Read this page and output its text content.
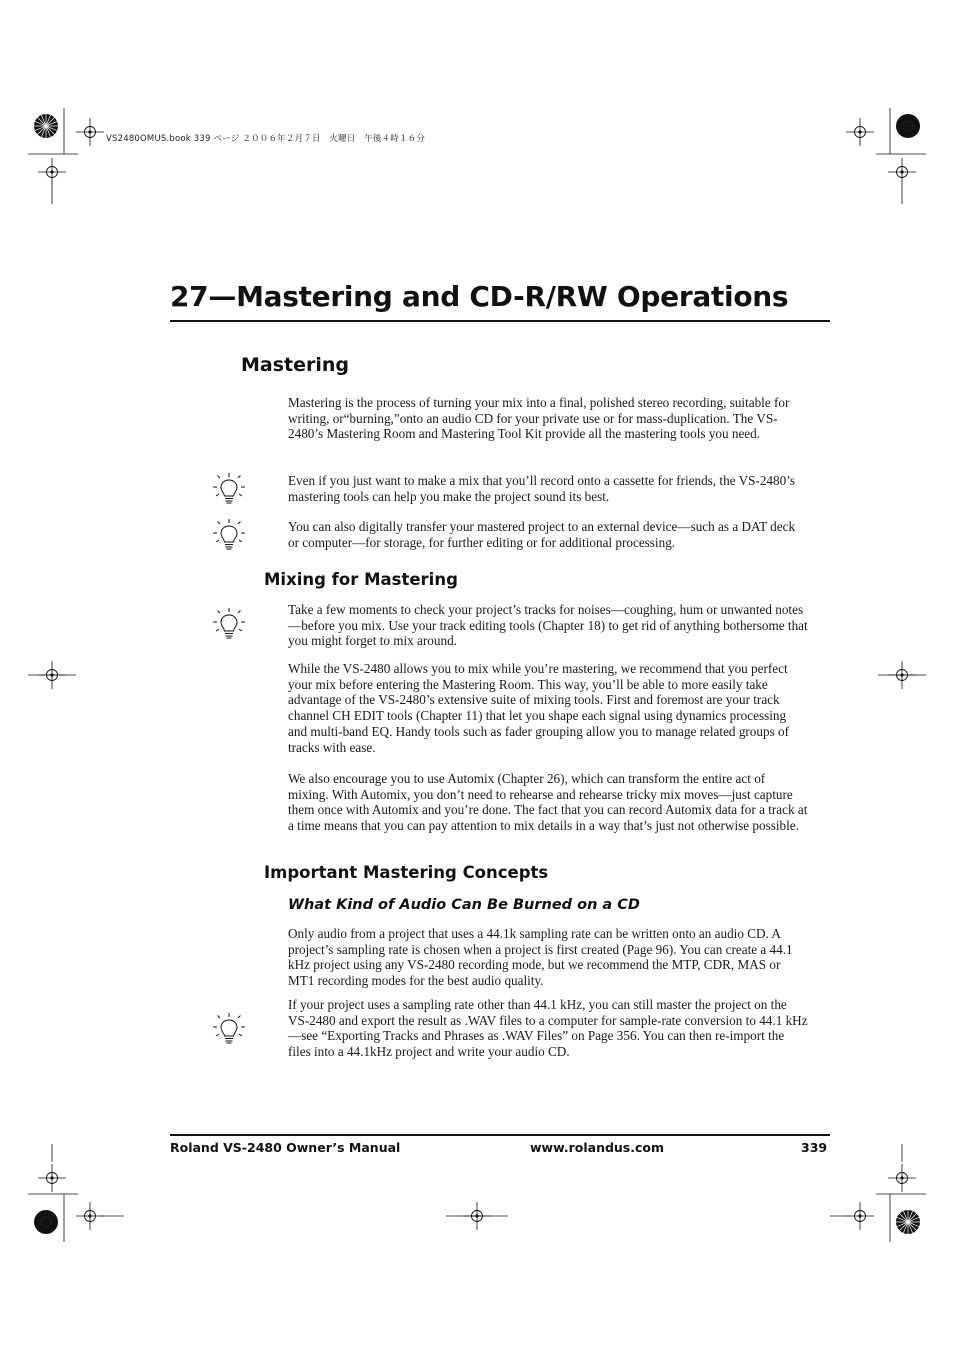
VS2480OMUS.book 339 ページ ２００６年２月７日　火曜日　午後４時１６分
27—Mastering and CD-R/RW Operations
Mastering

Mastering is the process of turning your mix into a final, polished stereo recording, suitable for writing, or“burning,”onto an audio CD for your private use or for mass-duplication. The VS-2480’s Mastering Room and Mastering Tool Kit provide all the mastering tools you need.

Even if you just want to make a mix that you’ll record onto a cassette for friends, the VS-2480’s mastering tools can help you make the project sound its best.

You can also digitally transfer your mastered project to an external device—such as a DAT deck or computer—for storage, for further editing or for additional processing.

Mixing for Mastering

Take a few moments to check your project’s tracks for noises—coughing, hum or unwanted notes—before you mix. Use your track editing tools (Chapter 18) to get rid of anything bothersome that you might forget to mix around.

While the VS-2480 allows you to mix while you’re mastering, we recommend that you perfect your mix before entering the Mastering Room. This way, you’ll be able to more easily take advantage of the VS-2480’s extensive suite of mixing tools. First and foremost are your track channel CH EDIT tools (Chapter 11) that let you shape each signal using dynamics processing and multi-band EQ. Handy tools such as fader grouping allow you to manage related groups of tracks with ease.

We also encourage you to use Automix (Chapter 26), which can transform the entire act of mixing. With Automix, you don’t need to rehearse and rehearse tricky mix moves—just capture them once with Automix and you’re done. The fact that you can record Automix data for a track at a time means that you can pay attention to mix details in a way that’s just not otherwise possible.

Important Mastering Concepts
What Kind of Audio Can Be Burned on a CD

Only audio from a project that uses a 44.1k sampling rate can be written onto an audio CD. A project’s sampling rate is chosen when a project is first created (Page 96). You can create a 44.1 kHz project using any VS-2480 recording mode, but we recommend the MTP, CDR, MAS or MT1 recording modes for the best audio quality.

If your project uses a sampling rate other than 44.1 kHz, you can still master the project on the VS-2480 and export the result as .WAV files to a computer for sample-rate conversion to 44.1 kHz—see “Exporting Tracks and Phrases as .WAV Files” on Page 356. You can then re-import the files into a 44.1kHz project and write your audio CD.

Roland VS-2480 Owner’s Manual	www.rolandus.com	339
